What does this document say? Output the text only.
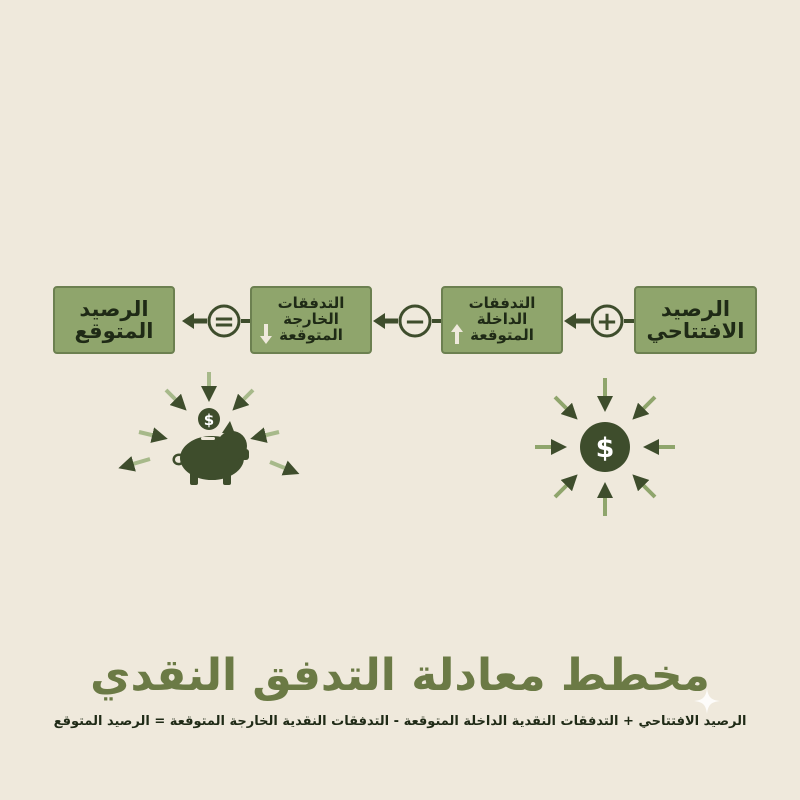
الرصيد
الافتتاحي
التدفقات
الداخلة
المتوقعة
التدفقات
الخارجة
المتوقعة
الرصيد
المتوقع	+
−
=
$
$
مخطط معادلة التدفق النقدي
الرصيد الافتتاحي + التدفقات النقدية الداخلة المتوقعة - التدفقات النقدية الخارجة المتوقعة = الرصيد المتوقع
